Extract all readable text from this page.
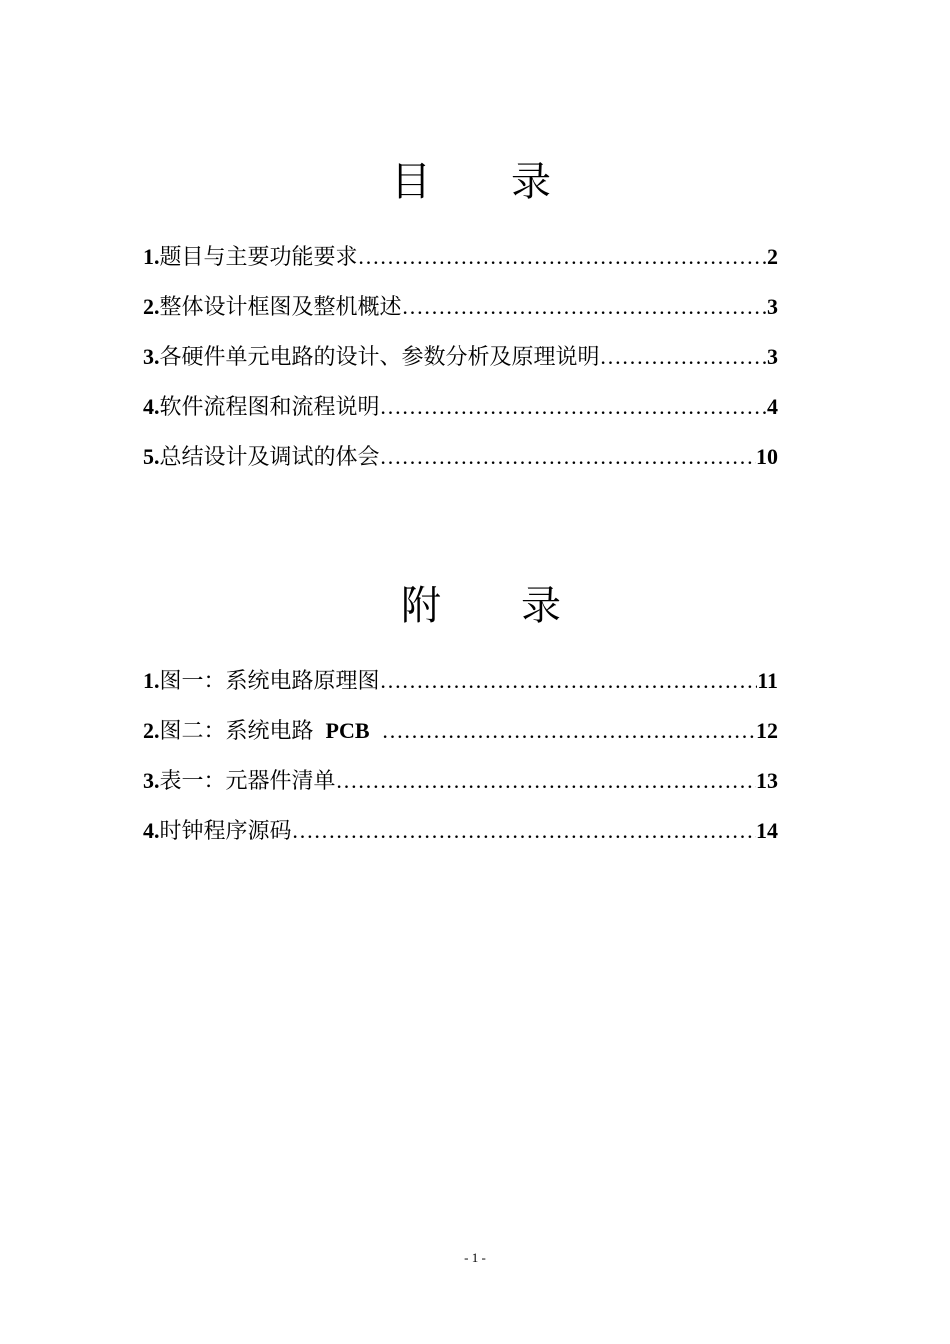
目 录
1. 题目与主要功能要求 ……………………………………………………………………………………………………………………………………………………	2
2. 整体设计框图及整机概述 ……………………………………………………………………………………………………………………………………………………	3
3. 各硬件单元电路的设计、参数分析及原理说明 ……………………………………………………………………………………………………………………………………………………	3
4. 软件流程图和流程说明 ……………………………………………………………………………………………………………………………………………………	4
5. 总结设计及调试的体会 ……………………………………………………………………………………………………………………………………………………	10
附 录
1. 图一：系统电路原理图 ……………………………………………………………………………………………………………………………………………………	11
2. 图二：系统电路 PCB ……………………………………………………………………………………………………………………………………………………	12
3. 表一：元器件清单 ……………………………………………………………………………………………………………………………………………………	13
4. 时钟程序源码 ……………………………………………………………………………………………………………………………………………………	14
- 1 -
